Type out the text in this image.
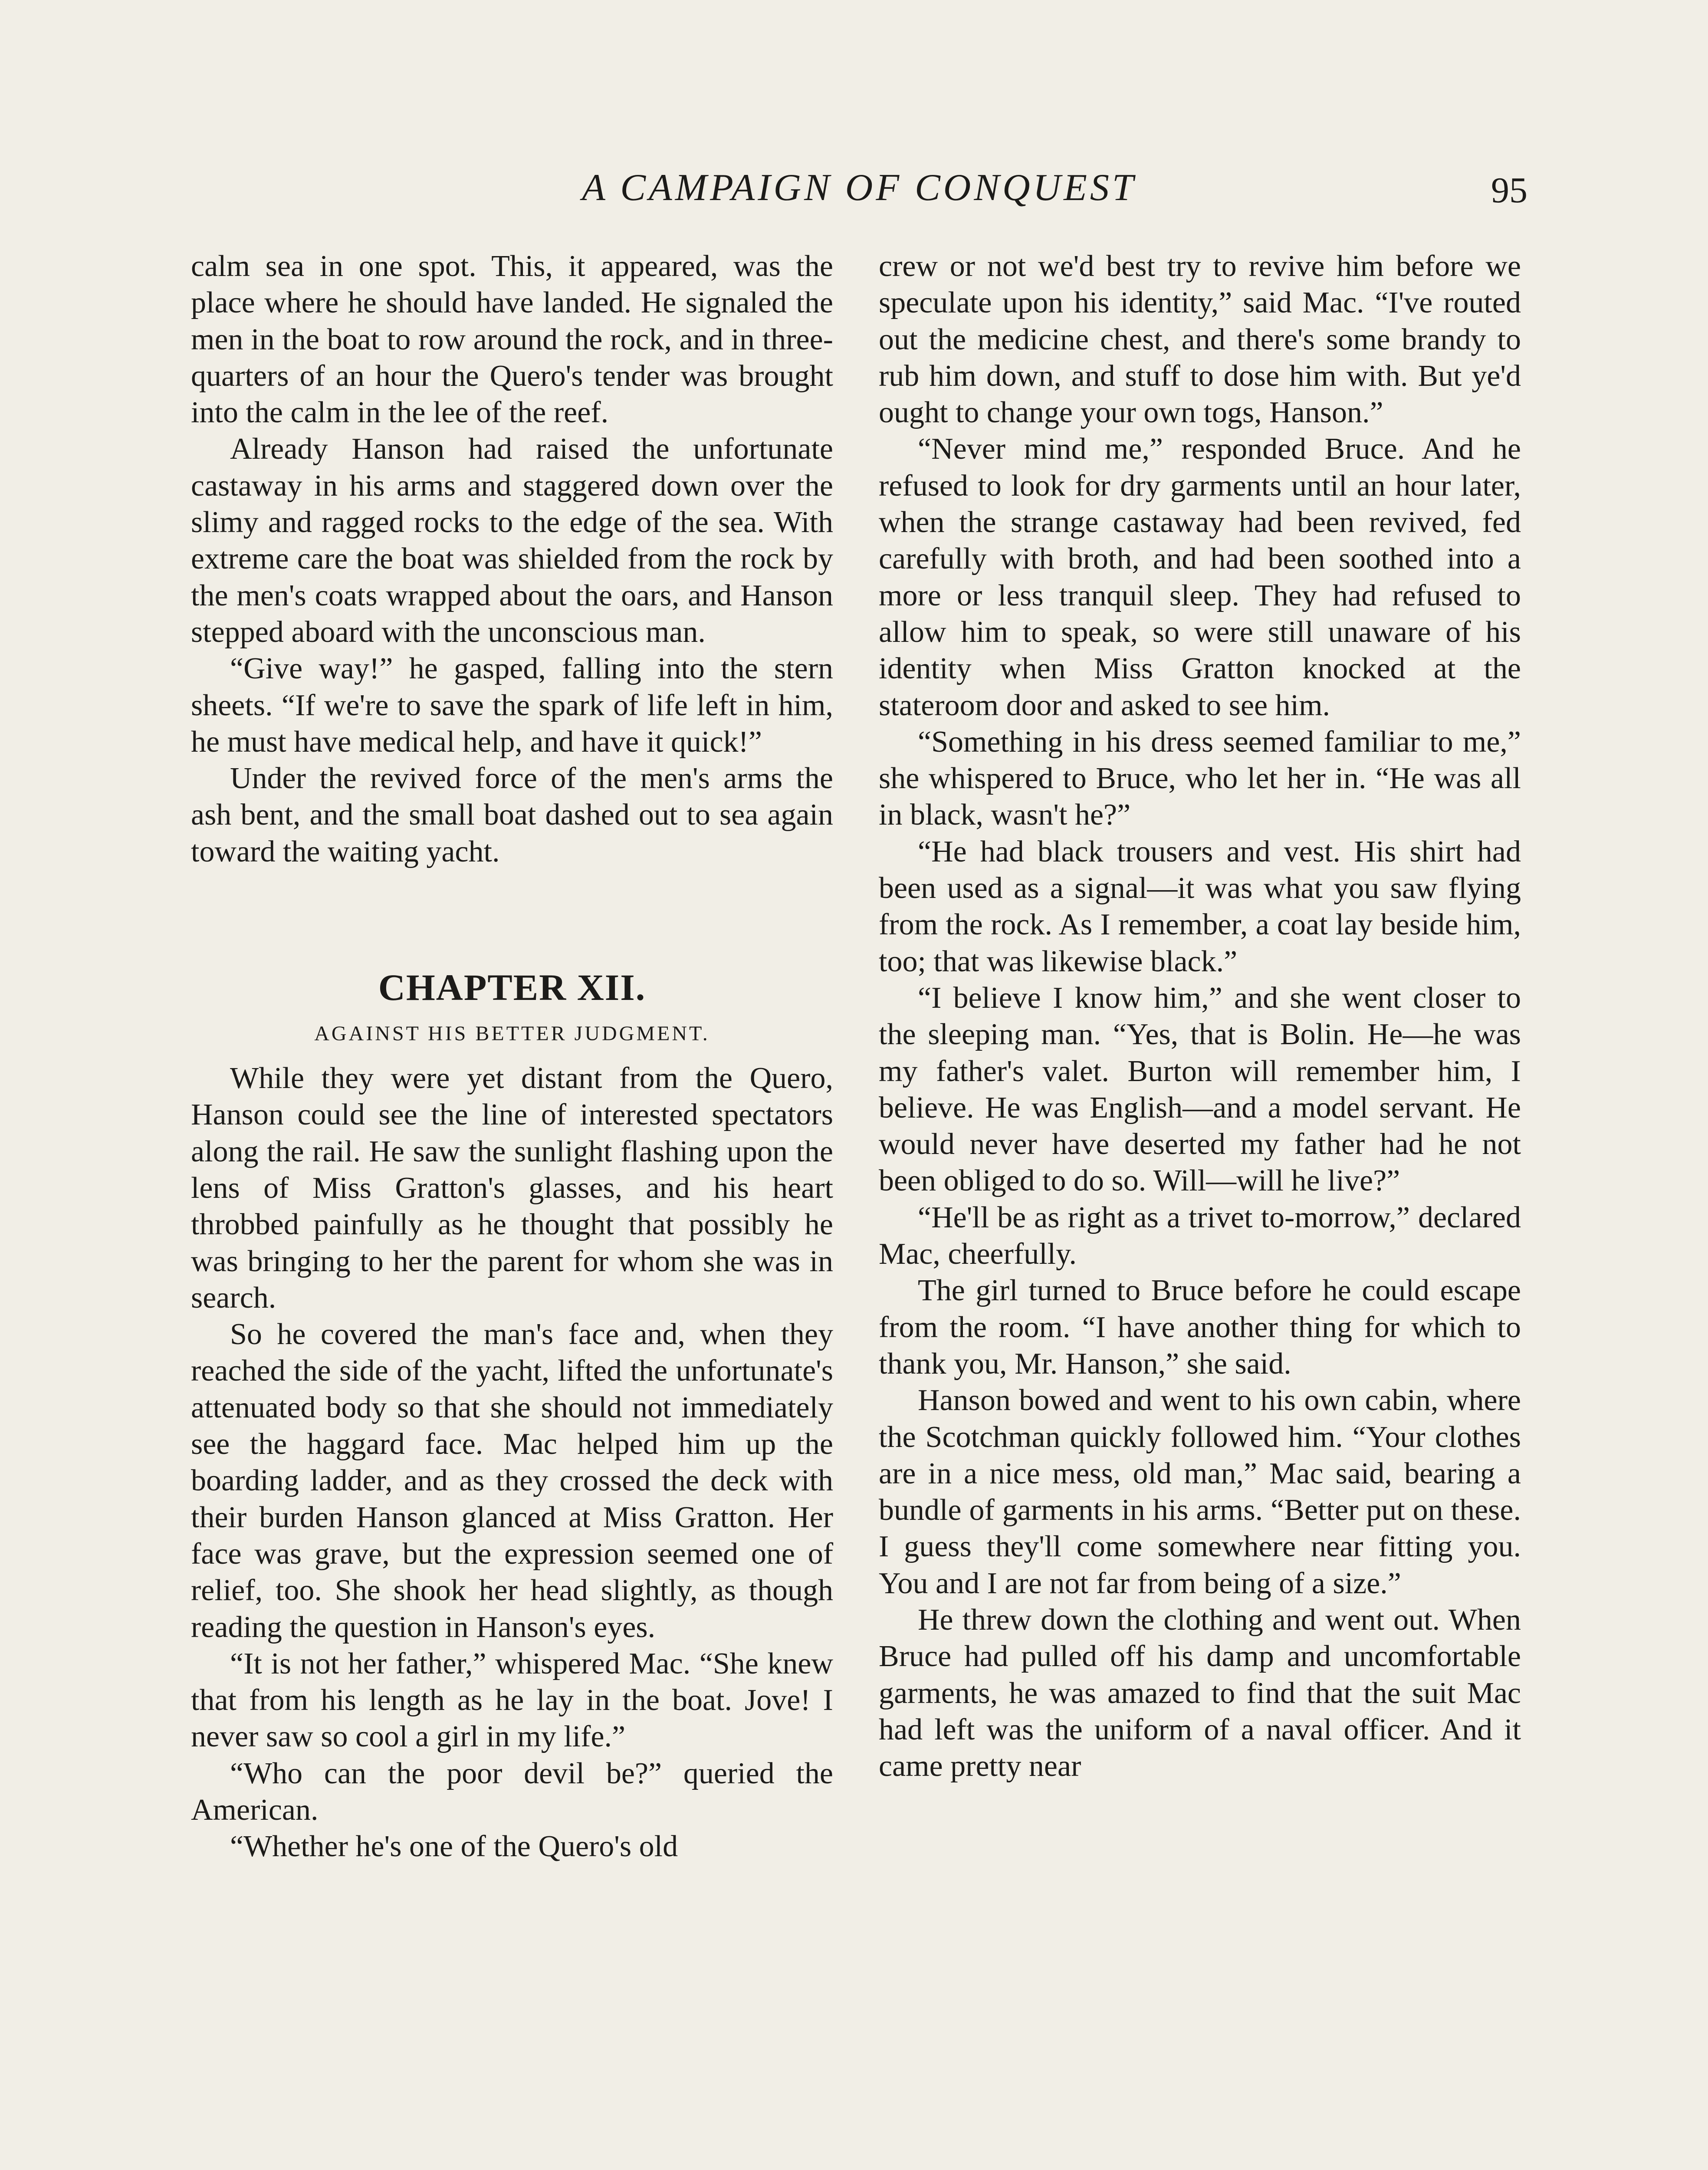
A CAMPAIGN OF CONQUEST	95

calm sea in one spot. This, it appeared, was the place where he should have landed. He signaled the men in the boat to row around the rock, and in three-quarters of an hour the Quero's tender was brought into the calm in the lee of the reef.

Already Hanson had raised the unfortunate castaway in his arms and staggered down over the slimy and ragged rocks to the edge of the sea. With extreme care the boat was shielded from the rock by the men's coats wrapped about the oars, and Hanson stepped aboard with the unconscious man.

“Give way!” he gasped, falling into the stern sheets. “If we're to save the spark of life left in him, he must have medical help, and have it quick!”

Under the revived force of the men's arms the ash bent, and the small boat dashed out to sea again toward the waiting yacht.

CHAPTER XII.
AGAINST HIS BETTER JUDGMENT.

While they were yet distant from the Quero, Hanson could see the line of interested spectators along the rail. He saw the sunlight flashing upon the lens of Miss Gratton's glasses, and his heart throbbed painfully as he thought that possibly he was bringing to her the parent for whom she was in search.

So he covered the man's face and, when they reached the side of the yacht, lifted the unfortunate's attenuated body so that she should not immediately see the haggard face. Mac helped him up the boarding ladder, and as they crossed the deck with their burden Hanson glanced at Miss Gratton. Her face was grave, but the expression seemed one of relief, too. She shook her head slightly, as though reading the question in Hanson's eyes.

“It is not her father,” whispered Mac. “She knew that from his length as he lay in the boat. Jove! I never saw so cool a girl in my life.”

“Who can the poor devil be?” queried the American.

“Whether he's one of the Quero's old

crew or not we'd best try to revive him before we speculate upon his identity,” said Mac. “I've routed out the medicine chest, and there's some brandy to rub him down, and stuff to dose him with. But ye'd ought to change your own togs, Hanson.”

“Never mind me,” responded Bruce. And he refused to look for dry garments until an hour later, when the strange castaway had been revived, fed carefully with broth, and had been soothed into a more or less tranquil sleep. They had refused to allow him to speak, so were still unaware of his identity when Miss Gratton knocked at the stateroom door and asked to see him.

“Something in his dress seemed familiar to me,” she whispered to Bruce, who let her in. “He was all in black, wasn't he?”

“He had black trousers and vest. His shirt had been used as a signal—it was what you saw flying from the rock. As I remember, a coat lay beside him, too; that was likewise black.”

“I believe I know him,” and she went closer to the sleeping man. “Yes, that is Bolin. He—he was my father's valet. Burton will remember him, I believe. He was English—and a model servant. He would never have deserted my father had he not been obliged to do so. Will—will he live?”

“He'll be as right as a trivet to-morrow,” declared Mac, cheerfully.

The girl turned to Bruce before he could escape from the room. “I have another thing for which to thank you, Mr. Hanson,” she said.

Hanson bowed and went to his own cabin, where the Scotchman quickly followed him. “Your clothes are in a nice mess, old man,” Mac said, bearing a bundle of garments in his arms. “Better put on these. I guess they'll come somewhere near fitting you. You and I are not far from being of a size.”

He threw down the clothing and went out. When Bruce had pulled off his damp and uncomfortable garments, he was amazed to find that the suit Mac had left was the uniform of a naval officer. And it came pretty near
